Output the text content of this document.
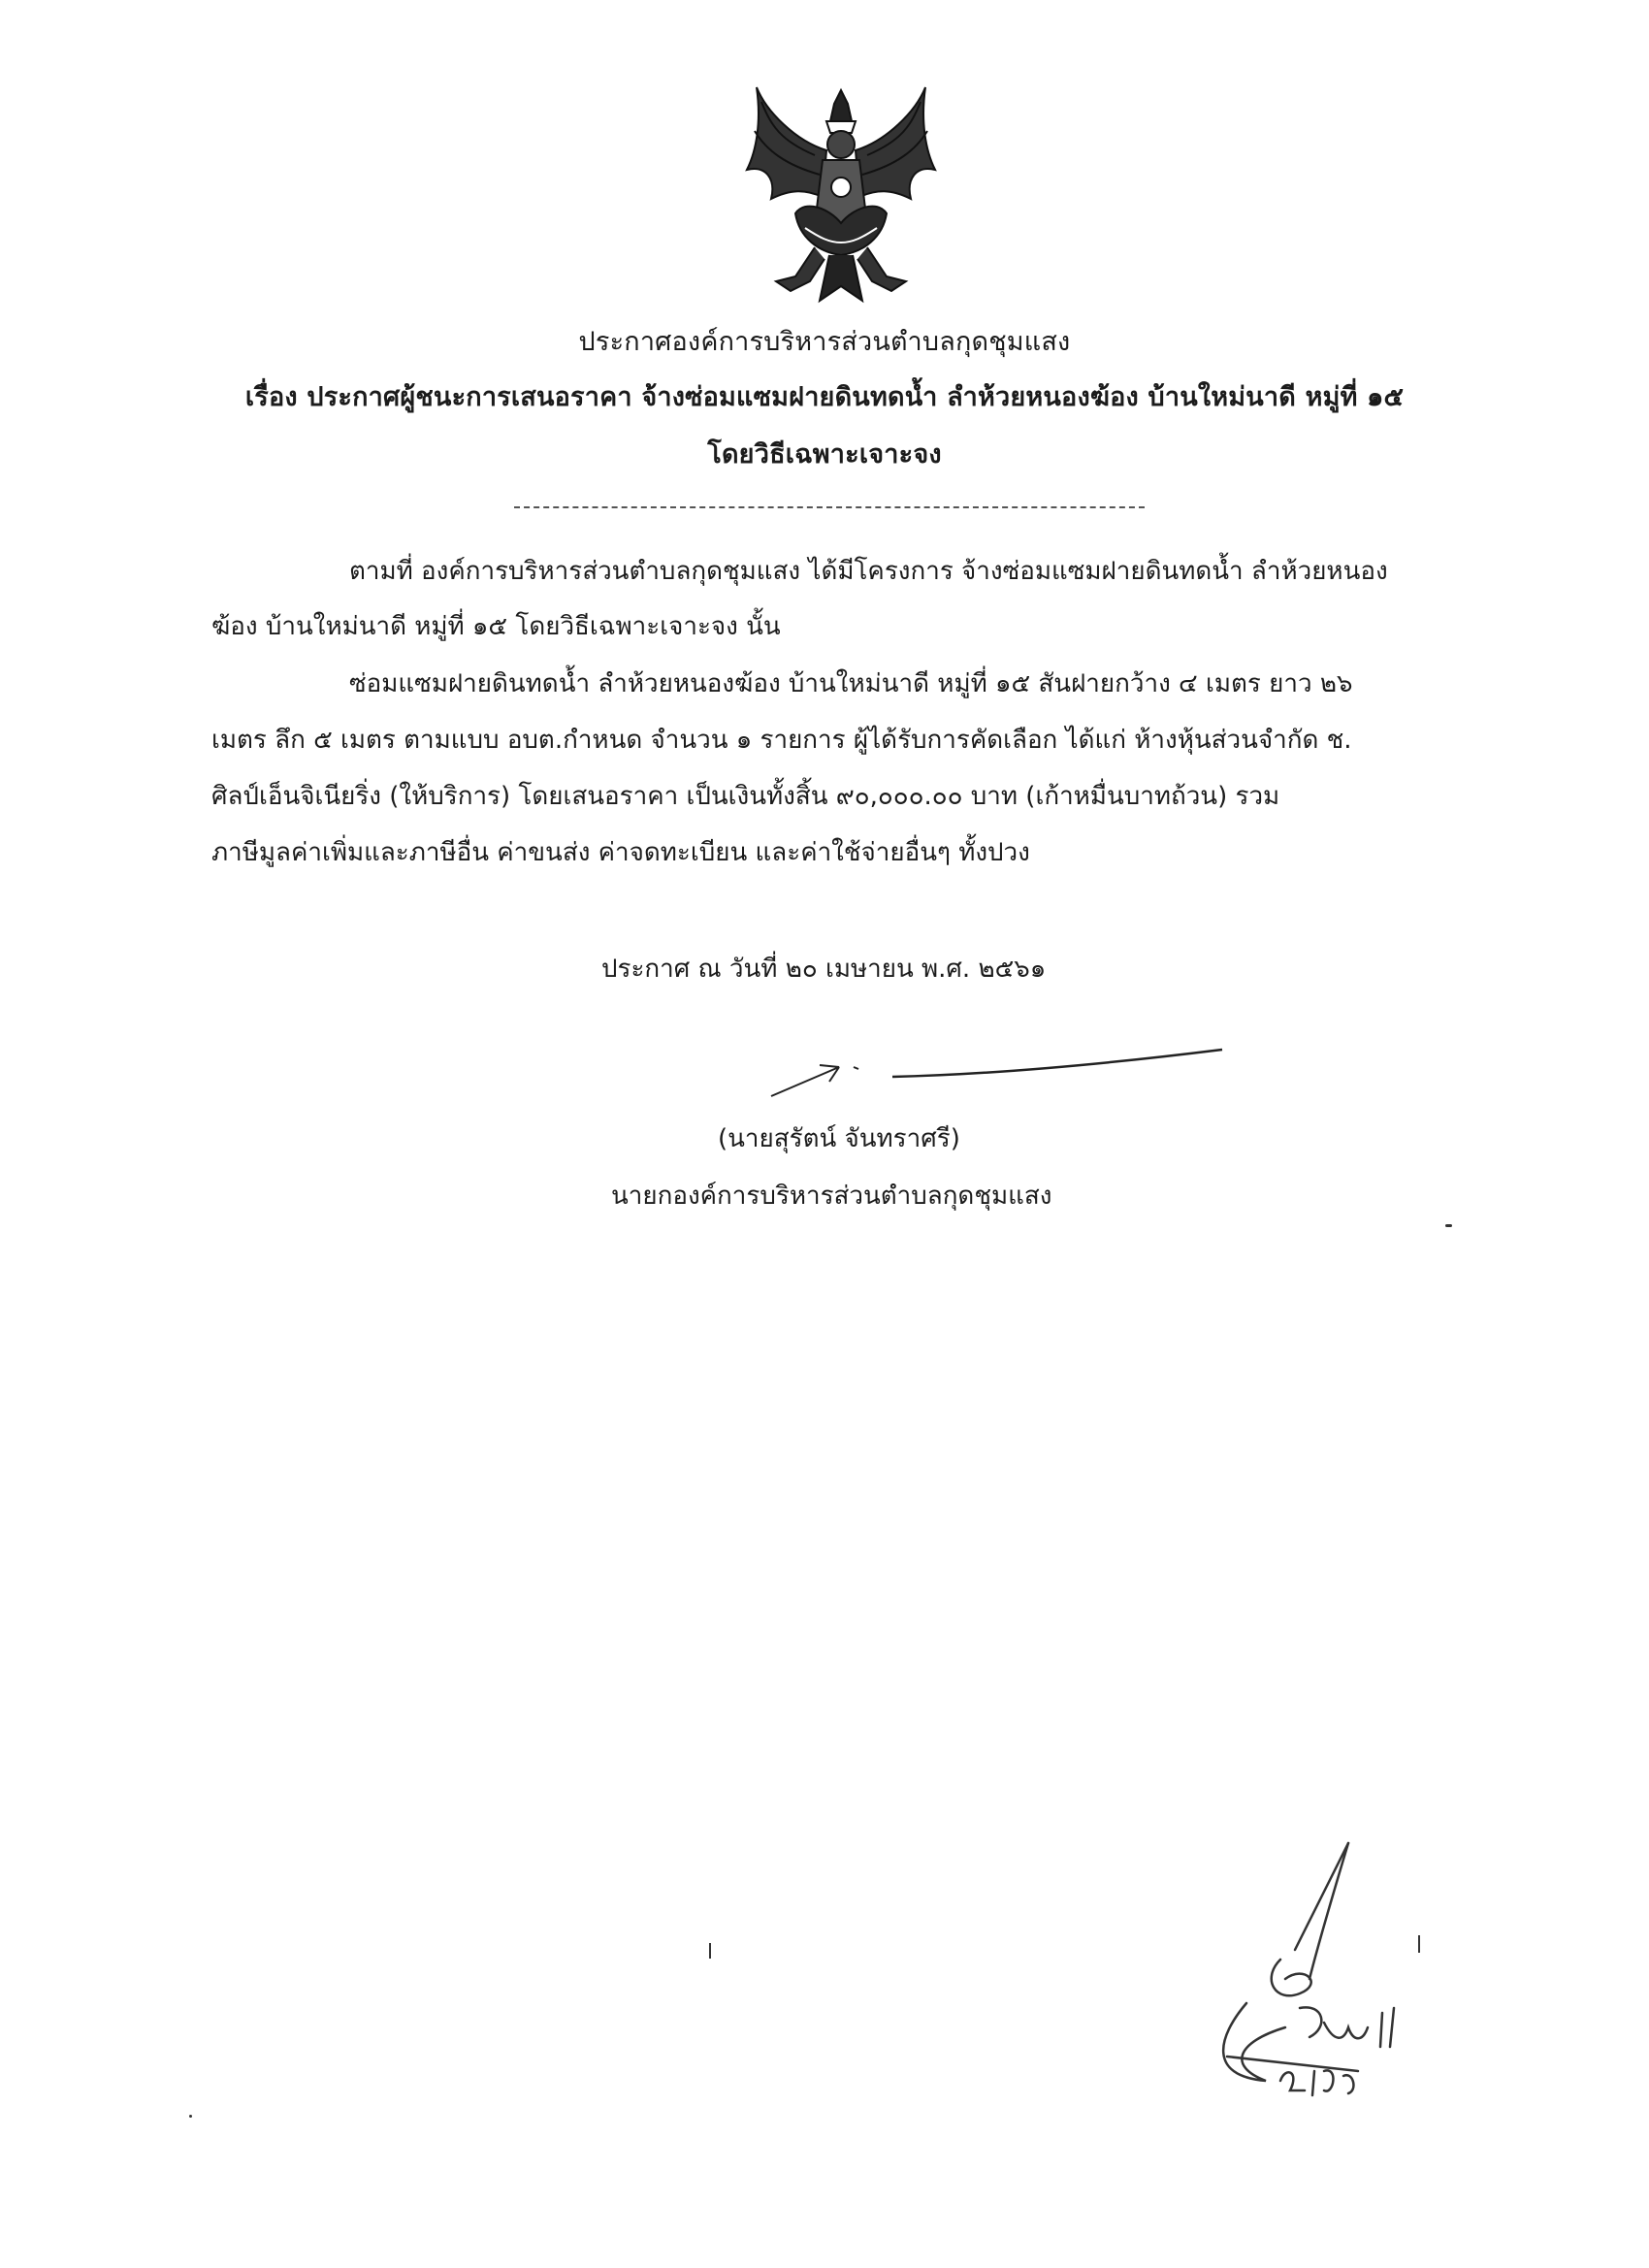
ประกาศองค์การบริหารส่วนตำบลกุดชุมแสง
เรื่อง ประกาศผู้ชนะการเสนอราคา จ้างซ่อมแซมฝายดินทดน้ำ ลำห้วยหนองฆ้อง บ้านใหม่นาดี หมู่ที่ ๑๕
โดยวิธีเฉพาะเจาะจง
ตามที่ องค์การบริหารส่วนตำบลกุดชุมแสง ได้มีโครงการ จ้างซ่อมแซมฝายดินทดน้ำ ลำห้วยหนอง
ฆ้อง บ้านใหม่นาดี หมู่ที่ ๑๕ โดยวิธีเฉพาะเจาะจง นั้น
ซ่อมแซมฝายดินทดน้ำ ลำห้วยหนองฆ้อง บ้านใหม่นาดี หมู่ที่ ๑๕ สันฝายกว้าง ๔ เมตร ยาว ๒๖
เมตร ลึก ๕ เมตร ตามแบบ อบต.กำหนด จำนวน ๑ รายการ ผู้ได้รับการคัดเลือก ได้แก่ ห้างหุ้นส่วนจำกัด ช.
ศิลป์เอ็นจิเนียริ่ง (ให้บริการ) โดยเสนอราคา เป็นเงินทั้งสิ้น ๙๐,๐๐๐.๐๐ บาท (เก้าหมื่นบาทถ้วน) รวม
ภาษีมูลค่าเพิ่มและภาษีอื่น ค่าขนส่ง ค่าจดทะเบียน และค่าใช้จ่ายอื่นๆ ทั้งปวง
ประกาศ ณ วันที่ ๒๐ เมษายน พ.ศ. ๒๕๖๑
(นายสุรัตน์ จันทราศรี)
นายกองค์การบริหารส่วนตำบลกุดชุมแสง
